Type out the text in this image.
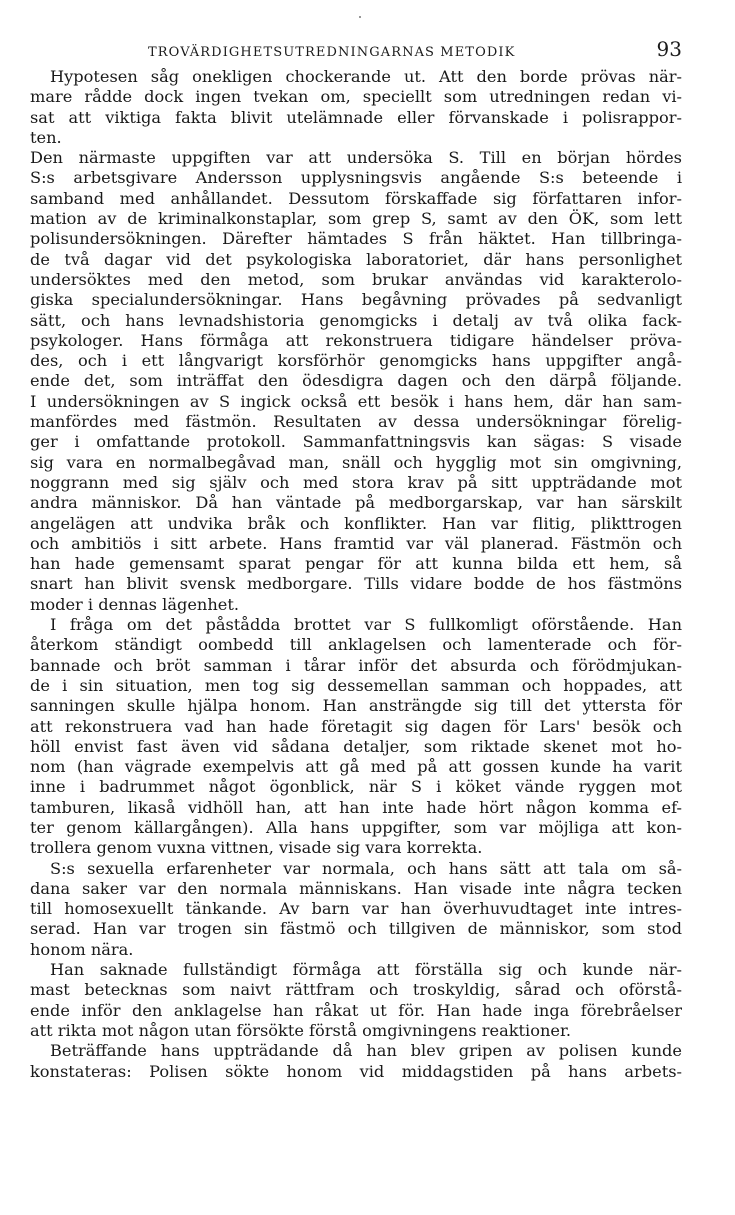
TROVÄRDIGHETSUTREDNINGARNAS METODIK	93
Hypotesen såg onekligen chockerande ut. Att den borde prövas när-
mare rådde dock ingen tvekan om, speciellt som utredningen redan vi-
sat att viktiga fakta blivit utelämnade eller förvanskade i polisrappor-
ten.
Den närmaste uppgiften var att undersöka S. Till en början hördes
S:s arbetsgivare Andersson upplysningsvis angående S:s beteende i
samband med anhållandet. Dessutom förskaffade sig författaren infor-
mation av de kriminalkonstaplar, som grep S, samt av den ÖK, som lett
polisundersökningen. Därefter hämtades S från häktet. Han tillbringa-
de två dagar vid det psykologiska laboratoriet, där hans personlighet
undersöktes med den metod, som brukar användas vid karakterolo-
giska specialundersökningar. Hans begåvning prövades på sedvanligt
sätt, och hans levnadshistoria genomgicks i detalj av två olika fack-
psykologer. Hans förmåga att rekonstruera tidigare händelser pröva-
des, och i ett långvarigt korsförhör genomgicks hans uppgifter angå-
ende det, som inträffat den ödesdigra dagen och den därpå följande.
I undersökningen av S ingick också ett besök i hans hem, där han sam-
manfördes med fästmön. Resultaten av dessa undersökningar förelig-
ger i omfattande protokoll. Sammanfattningsvis kan sägas: S visade
sig vara en normalbegåvad man, snäll och hygglig mot sin omgivning,
noggrann med sig själv och med stora krav på sitt uppträdande mot
andra människor. Då han väntade på medborgarskap, var han särskilt
angelägen att undvika bråk och konflikter. Han var flitig, plikttrogen
och ambitiös i sitt arbete. Hans framtid var väl planerad. Fästmön och
han hade gemensamt sparat pengar för att kunna bilda ett hem, så
snart han blivit svensk medborgare. Tills vidare bodde de hos fästmöns
moder i dennas lägenhet.
I fråga om det påstådda brottet var S fullkomligt oförstående. Han
återkom ständigt oombedd till anklagelsen och lamenterade och för-
bannade och bröt samman i tårar inför det absurda och förödmjukan-
de i sin situation, men tog sig dessemellan samman och hoppades, att
sanningen skulle hjälpa honom. Han ansträngde sig till det yttersta för
att rekonstruera vad han hade företagit sig dagen för Lars' besök och
höll envist fast även vid sådana detaljer, som riktade skenet mot ho-
nom (han vägrade exempelvis att gå med på att gossen kunde ha varit
inne i badrummet något ögonblick, när S i köket vände ryggen mot
tamburen, likaså vidhöll han, att han inte hade hört någon komma ef-
ter genom källargången). Alla hans uppgifter, som var möjliga att kon-
trollera genom vuxna vittnen, visade sig vara korrekta.
S:s sexuella erfarenheter var normala, och hans sätt att tala om så-
dana saker var den normala människans. Han visade inte några tecken
till homosexuellt tänkande. Av barn var han överhuvudtaget inte intres-
serad. Han var trogen sin fästmö och tillgiven de människor, som stod
honom nära.
Han saknade fullständigt förmåga att förställa sig och kunde när-
mast betecknas som naivt rättfram och troskyldig, sårad och oförstå-
ende inför den anklagelse han råkat ut för. Han hade inga förebråelser
att rikta mot någon utan försökte förstå omgivningens reaktioner.
Beträffande hans uppträdande då han blev gripen av polisen kunde
konstateras: Polisen sökte honom vid middagstiden på hans arbets-
